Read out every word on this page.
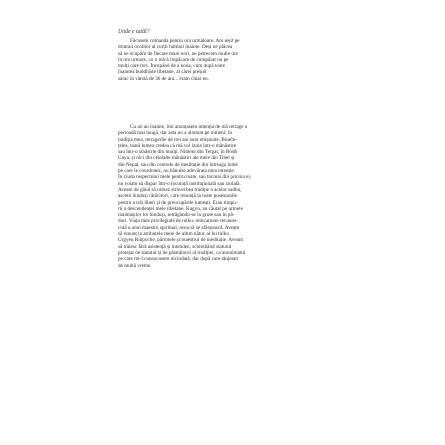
Unde e tatăl?

Făcusem comanda pentru ora următoare. Am ieșit pe
drumul ocolitor al curții luminii înainte. Deși ne plăcea
să ne ocupăm de fiecare mare nori, ne petrecem multe ore
în ora urmare, cu o mică împăcare de cumpărat nu pe
mulți care trec. Începând de a noua, cum după toate
înaintea buddhiste tibetane, al cărei preșuit
sărac în vârstă de 36 de ani... eram chiar eu.
Cu un an înainte, îmi anunțasem intenția de mă retrage o
perioadă mai lungă, dar asta nu a alarmat pe nimeni; în
tradiția mea, retragerile de trei ani sunt obișnuite. Bineîn-
țeles, toată lumea credea că mă voi izola într-o mănăstire
sau într-o sihăstrie din munți. Nimeni din Tergar, în Bodh
Gaya, și nici din celelalte mănăstiri ale mele din Tibet și
din Nepal, sau din centrele de meditație din întreaga lume
pe care le coordonez, nu bănuise adevărata mea intenție.
În ciuda respectului mele pentru toate, sau tocmai din pricina ei,
nu voiam să dispar într-o locuință instituțională sau izolată.
Aveam de gând să urmez străvechea tradiție a acelor sadhu,
ascetii hinduși rătăcitori, care renunță la toate posesiunile
pentru a trăi liberi și de preocupările lumești. Erau timpu-
rii a descendenței mele tibetane, Kagyu, au căutat pe urmele
înaintașilor lor hinduși, retrăgându-se în grote sau în pă-
duri. Viața mea privilegiată de tulku, reîncarnare recunos-
cută a unui maestru spiritual, avea să se sfârșească. Aveam
să renunț la atributele mele de ultim nătuc al lui tulku
Urgyen Rinpoche, părintele și maestrul de meditație. Aveam
să trăiesc fără asistență și intenden, schimbând statutul
protejat de statutul și de păstrătorul al tradiției, ca anonimatul
pe care mi-l cunoscusem niciodată, dar după care tânjeam
de multă vreme.
